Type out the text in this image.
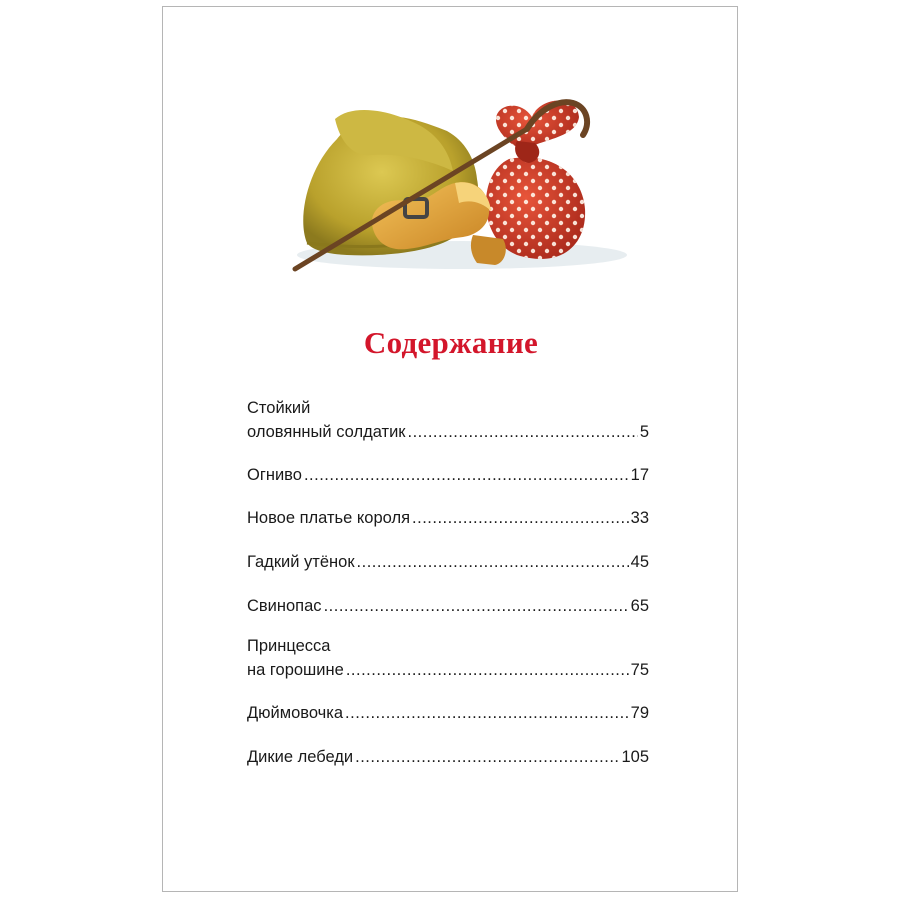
Содержание
Стойкий
оловянный солдатик .....	5
Огниво .....	17
Новое платье короля .....	33
Гадкий утёнок .....	45
Свинопас .....	65
Принцесса
на горошине .....	75
Дюймовочка .....	79
Дикие лебеди .....	105
